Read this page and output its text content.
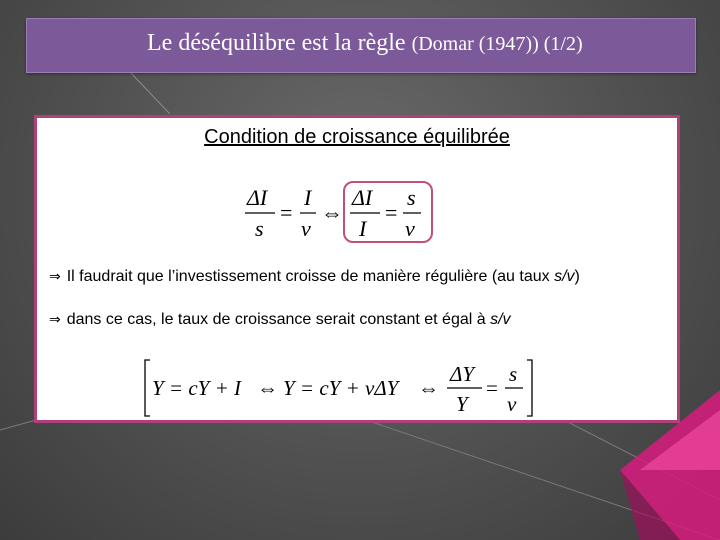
Le déséquilibre est la règle (Domar (1947)) (1/2)
Condition de croissance équilibrée
ΔI
s
=
I
v
⇔
ΔI
I
=
s
v
⇒ Il faudrait que l’investissement croisse de manière régulière (au taux s/v)
⇒ dans ce cas, le taux de croissance serait constant et égal à s/v
Y = cY + I ⇔ Y = cY + vΔY ⇔
ΔY
Y
=
s
v
